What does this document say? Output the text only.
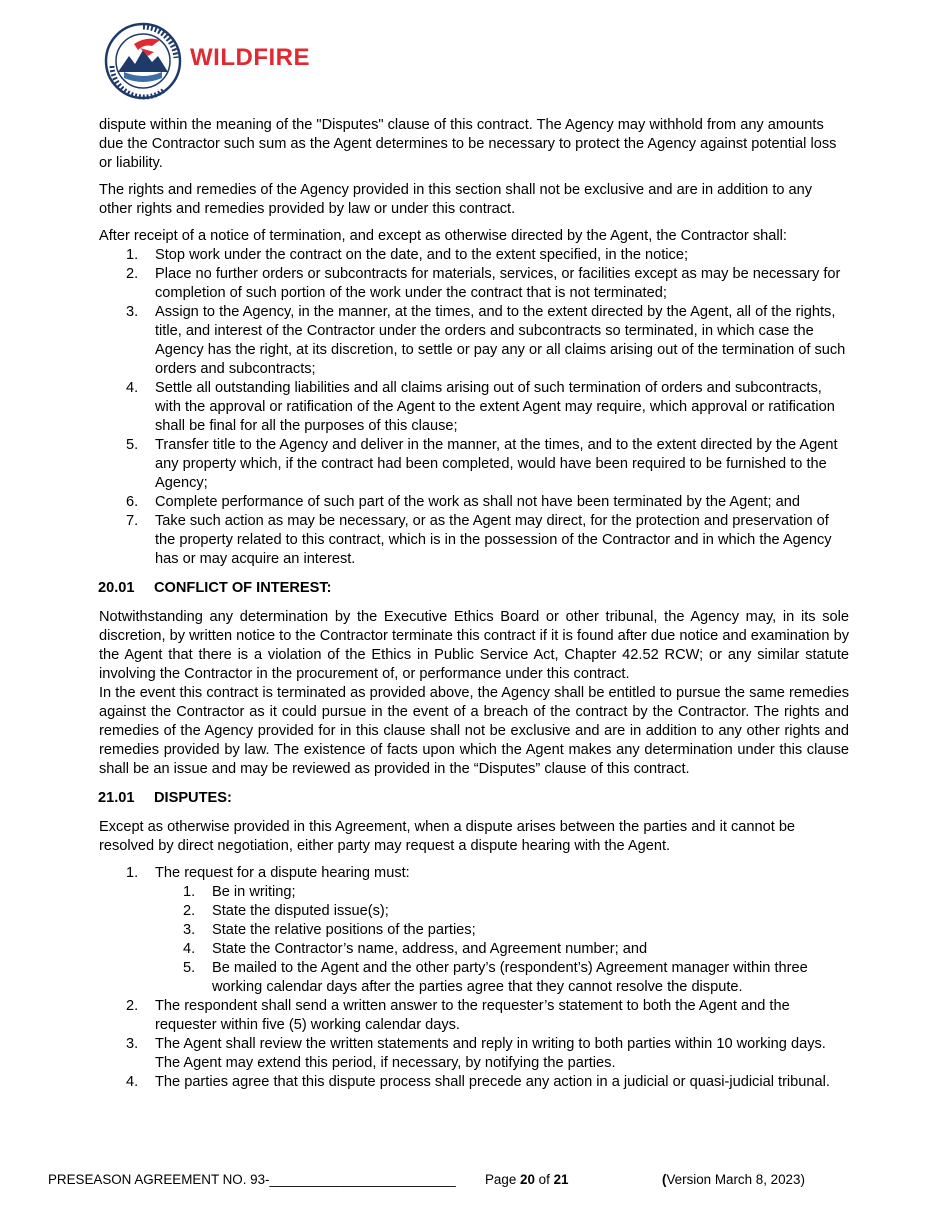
WILDFIRE

dispute within the meaning of the "Disputes" clause of this contract. The Agency may withhold from any amounts due the Contractor such sum as the Agent determines to be necessary to protect the Agency against potential loss or liability.

The rights and remedies of the Agency provided in this section shall not be exclusive and are in addition to any other rights and remedies provided by law or under this contract.

After receipt of a notice of termination, and except as otherwise directed by the Agent, the Contractor shall:

1. Stop work under the contract on the date, and to the extent specified, in the notice;
2. Place no further orders or subcontracts for materials, services, or facilities except as may be necessary for completion of such portion of the work under the contract that is not terminated;
3. Assign to the Agency, in the manner, at the times, and to the extent directed by the Agent, all of the rights, title, and interest of the Contractor under the orders and subcontracts so terminated, in which case the Agency has the right, at its discretion, to settle or pay any or all claims arising out of the termination of such orders and subcontracts;
4. Settle all outstanding liabilities and all claims arising out of such termination of orders and subcontracts, with the approval or ratification of the Agent to the extent Agent may require, which approval or ratification shall be final for all the purposes of this clause;
5. Transfer title to the Agency and deliver in the manner, at the times, and to the extent directed by the Agent any property which, if the contract had been completed, would have been required to be furnished to the Agency;
6. Complete performance of such part of the work as shall not have been terminated by the Agent; and
7. Take such action as may be necessary, or as the Agent may direct, for the protection and preservation of the property related to this contract, which is in the possession of the Contractor and in which the Agency has or may acquire an interest.
20.01	CONFLICT OF INTEREST:

Notwithstanding any determination by the Executive Ethics Board or other tribunal, the Agency may, in its sole discretion, by written notice to the Contractor terminate this contract if it is found after due notice and examination by the Agent that there is a violation of the Ethics in Public Service Act, Chapter 42.52 RCW; or any similar statute involving the Contractor in the procurement of, or performance under this contract.

In the event this contract is terminated as provided above, the Agency shall be entitled to pursue the same remedies against the Contractor as it could pursue in the event of a breach of the contract by the Contractor. The rights and remedies of the Agency provided for in this clause shall not be exclusive and are in addition to any other rights and remedies provided by law. The existence of facts upon which the Agent makes any determination under this clause shall be an issue and may be reviewed as provided in the “Disputes” clause of this contract.

21.01	DISPUTES:

Except as otherwise provided in this Agreement, when a dispute arises between the parties and it cannot be resolved by direct negotiation, either party may request a dispute hearing with the Agent.

1. The request for a dispute hearing must:
1. Be in writing;
2. State the disputed issue(s);
3. State the relative positions of the parties;
4. State the Contractor’s name, address, and Agreement number; and
5. Be mailed to the Agent and the other party’s (respondent’s) Agreement manager within three working calendar days after the parties agree that they cannot resolve the dispute.
2. The respondent shall send a written answer to the requester’s statement to both the Agent and the requester within five (5) working calendar days.
3. The Agent shall review the written statements and reply in writing to both parties within 10 working days. The Agent may extend this period, if necessary, by notifying the parties.
4. The parties agree that this dispute process shall precede any action in a judicial or quasi-judicial tribunal.
PRESEASON AGREEMENT NO. 93-_________________________ Page 20 of 21	(Version March 8, 2023)
